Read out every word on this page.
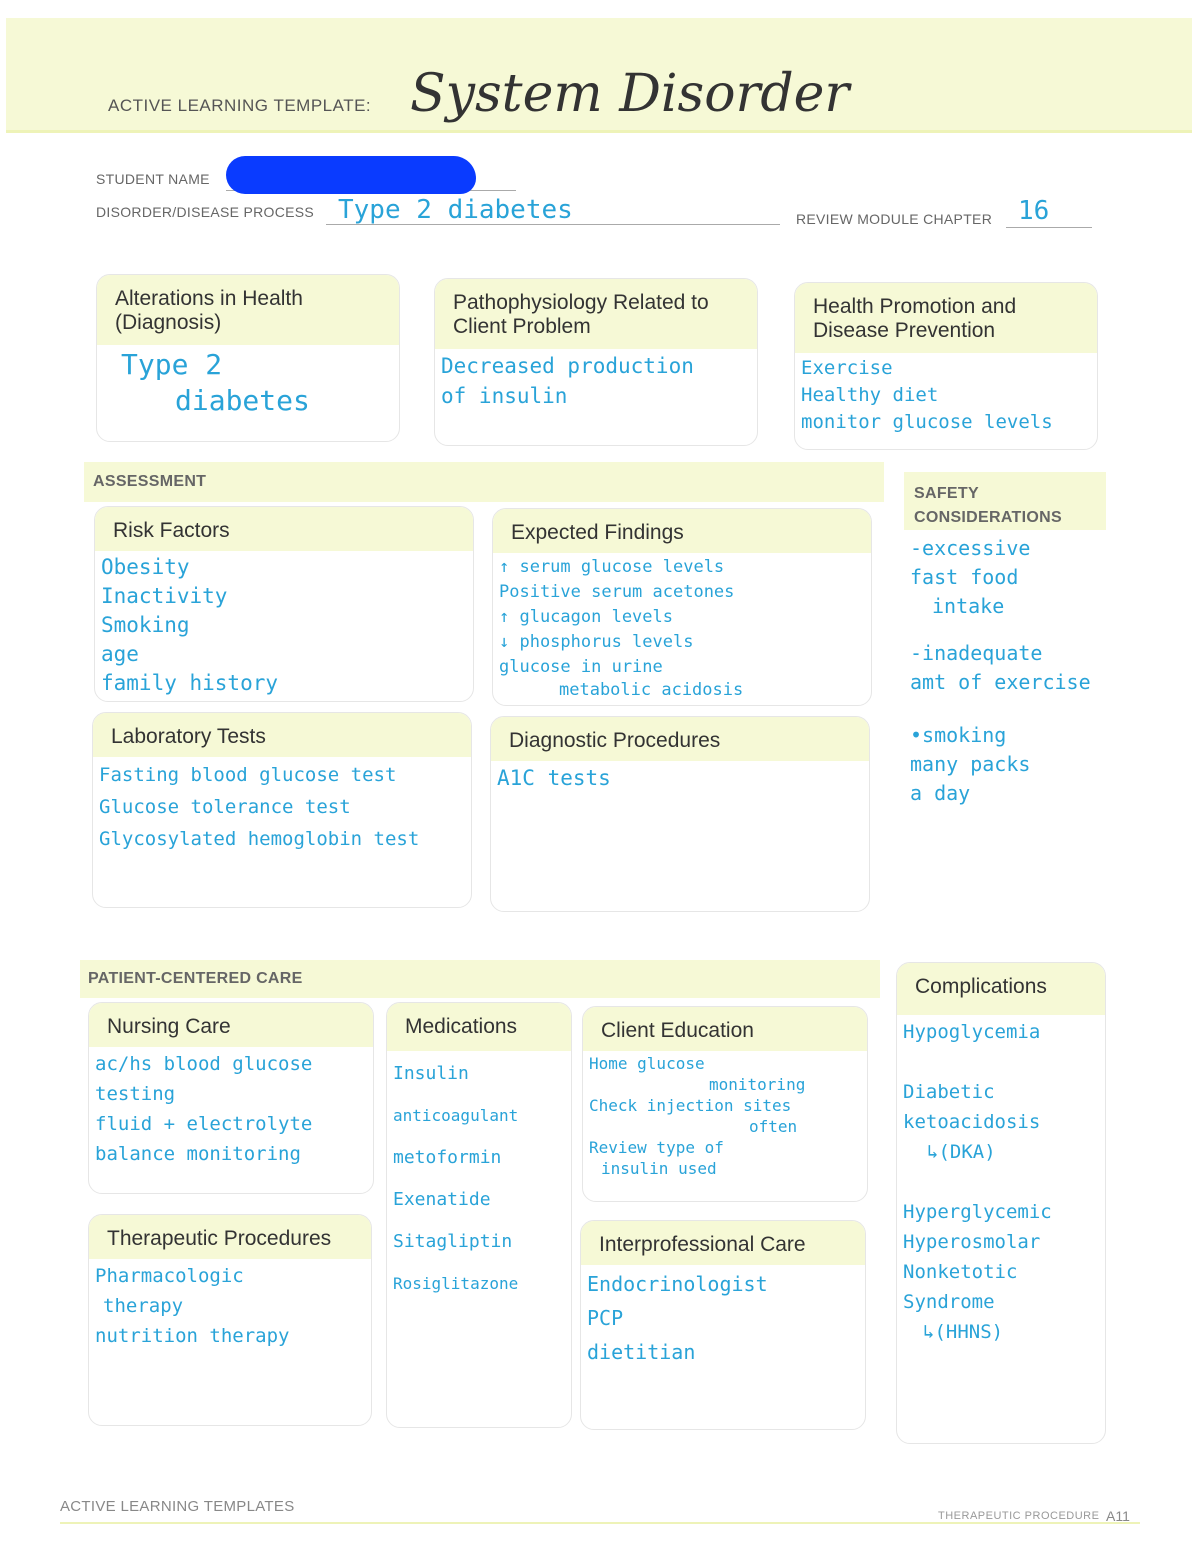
ACTIVE LEARNING TEMPLATE: System Disorder
STUDENT NAME
DISORDER/DISEASE PROCESS Type 2 diabetes	REVIEW MODULE CHAPTER 16
Alterations in Health (Diagnosis)
Type 2
diabetes
Pathophysiology Related to Client Problem
Decreased production
of insulin
Health Promotion and Disease Prevention
Exercise
Healthy diet
monitor glucose levels
ASSESSMENT
Risk Factors
Obesity
Inactivity
Smoking
age
family history
Expected Findings
↑ serum glucose levels
Positive serum acetones
↑ glucagon levels
↓ phosphorus levels
glucose in urine
metabolic acidosis
Laboratory Tests
Fasting blood glucose test
Glucose tolerance test
Glycosylated hemoglobin test
Diagnostic Procedures
A1C tests
SAFETY
CONSIDERATIONS
-excessive
fast food
intake
-inadequate
amt of exercise
•smoking
many packs
a day
PATIENT-CENTERED CARE
Nursing Care
ac/hs blood glucose
testing
fluid + electrolyte
balance monitoring
Medications
Insulin
anticoagulant
metoformin
Exenatide
Sitagliptin
Rosiglitazone
Client Education
Home glucose
monitoring
Check injection sites
often
Review type of
insulin used
Therapeutic Procedures
Pharmacologic
therapy
nutrition therapy
Interprofessional Care
Endocrinologist
PCP
dietitian
Complications
Hypoglycemia

Diabetic
ketoacidosis
↳(DKA)

Hyperglycemic
Hyperosmolar
Nonketotic
Syndrome
↳(HHNS)
ACTIVE LEARNING TEMPLATES
THERAPEUTIC PROCEDURE A11
